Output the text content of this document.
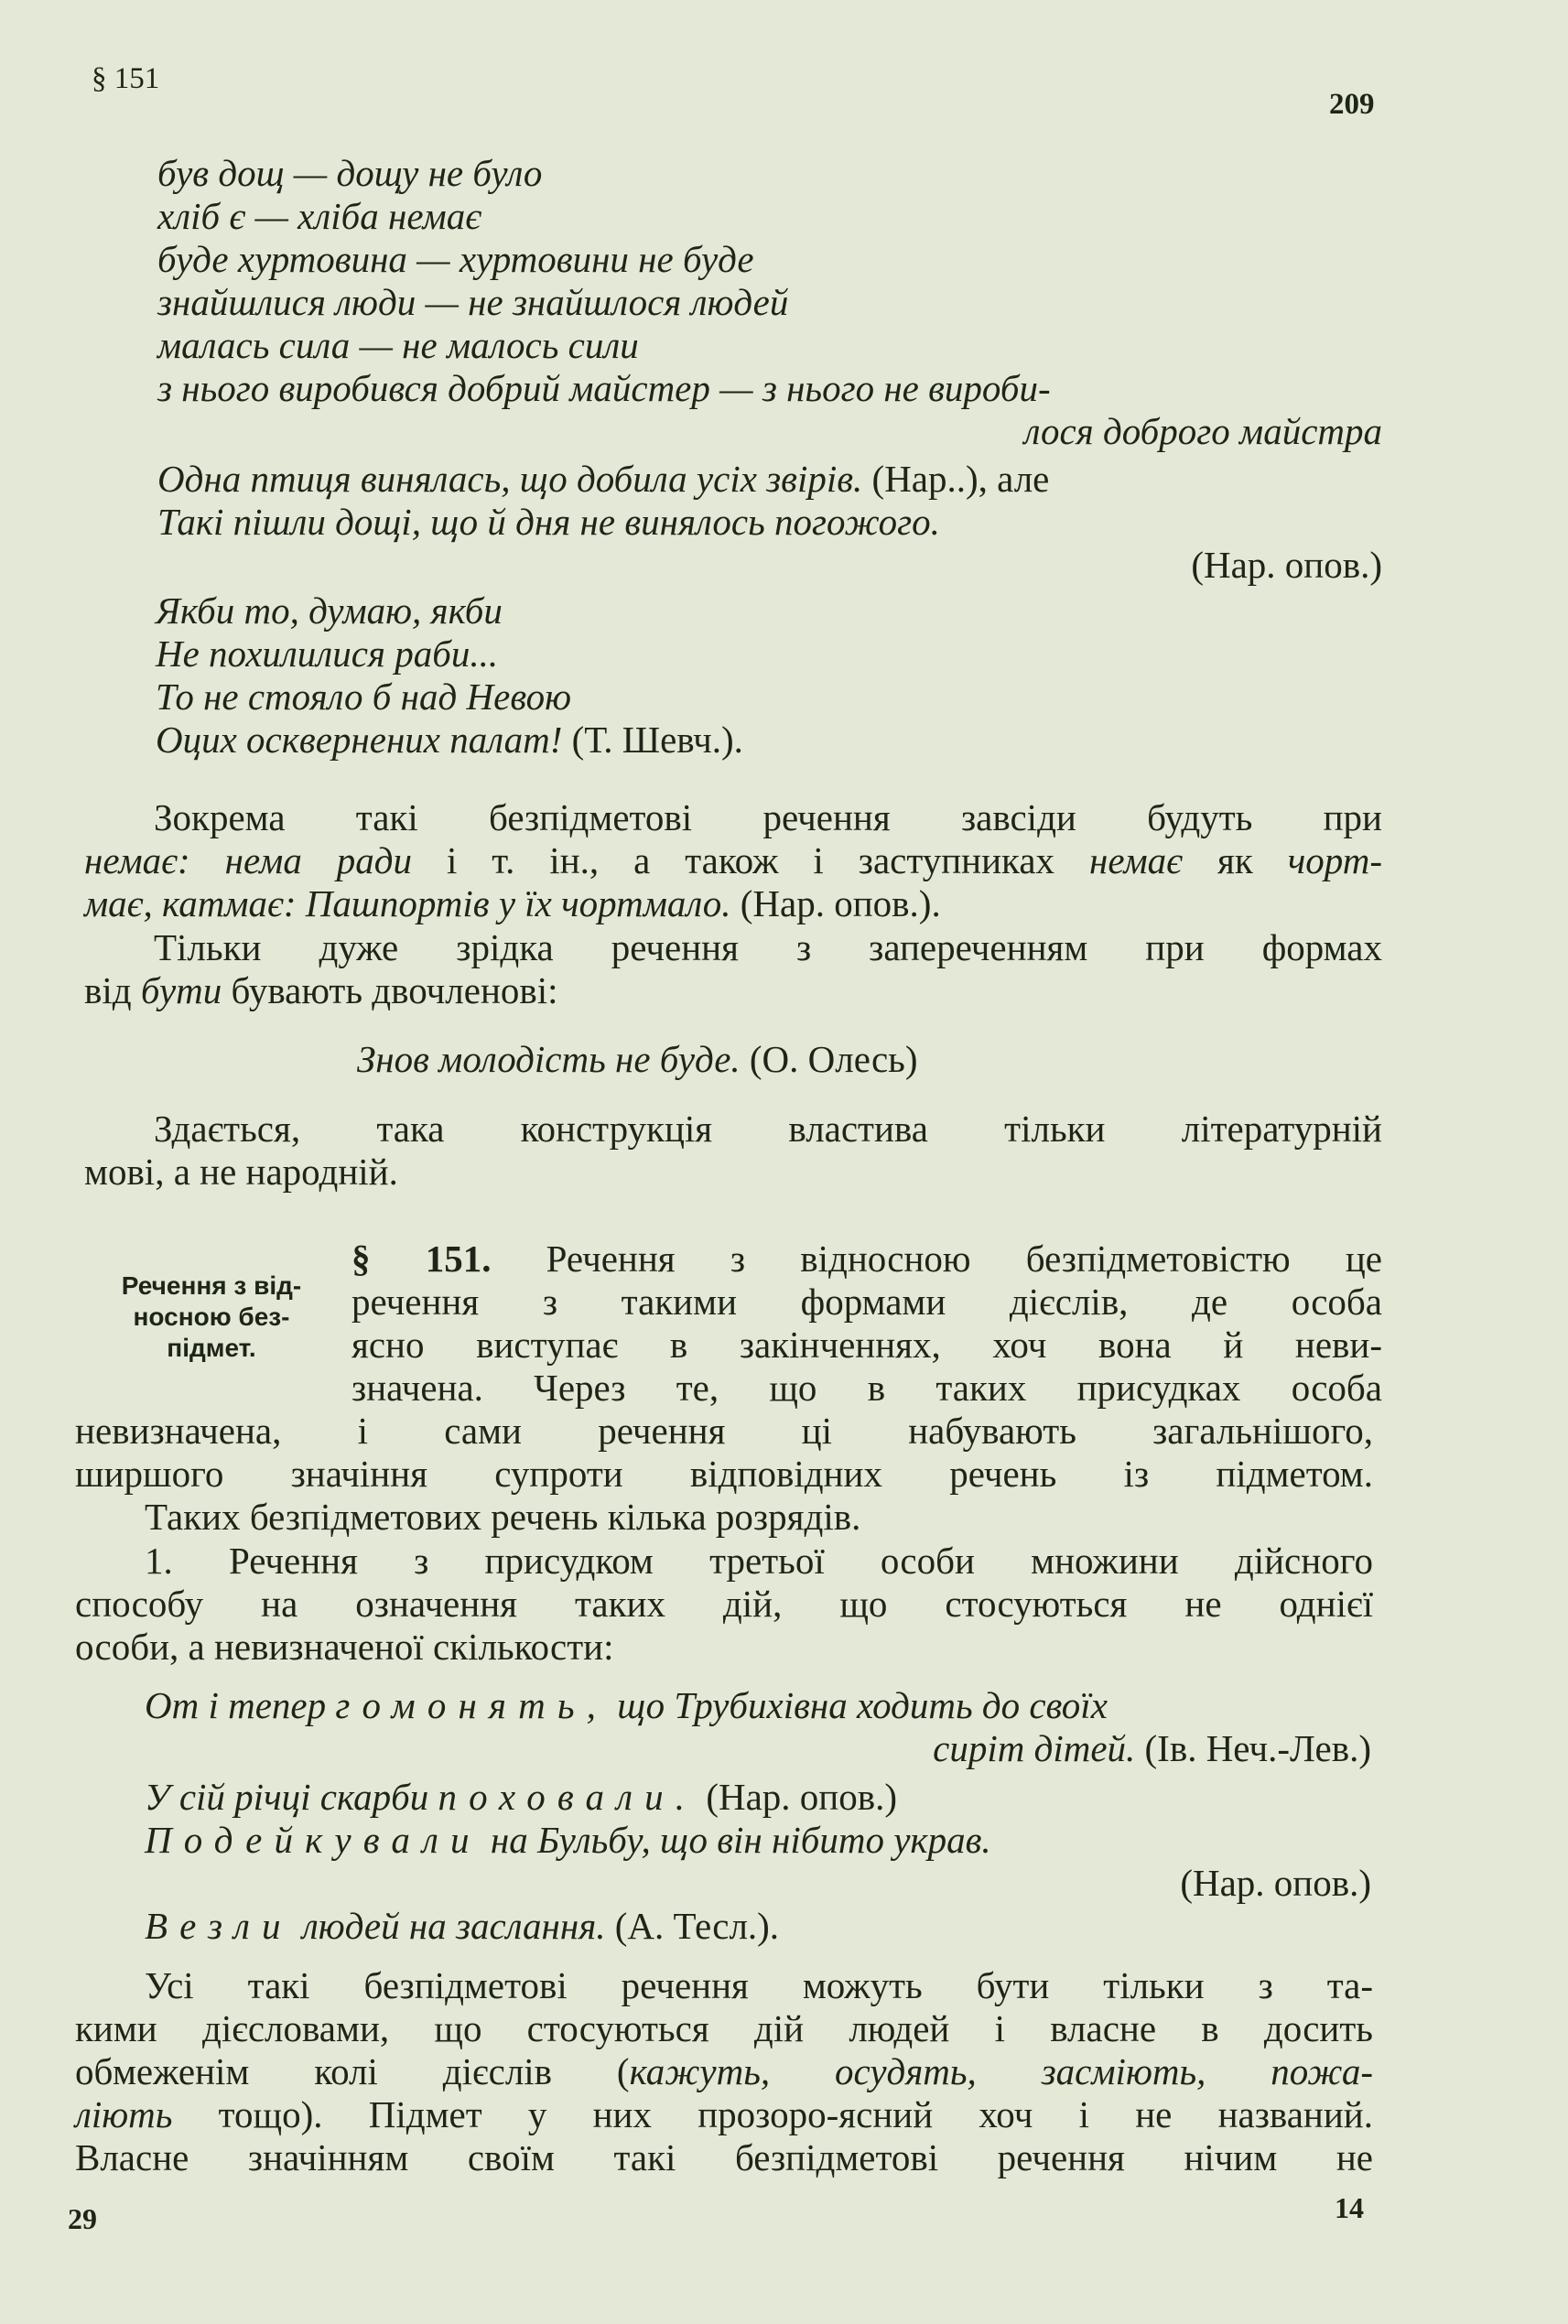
§ 151
209
був дощ — дощу не було
хліб є — хліба немає
буде хуртовина — хуртовини не буде
знайшлися люди — не знайшлося людей
малась сила — не малось сили
з нього виробився добрий майстер — з нього не вироби-
лося доброго майстра
Одна птиця винялась, що добила усіх звірів. (Нар..), але
Такі пішли дощі, що й дня не винялось погожого.
(Нар. опов.)
Якби то, думаю, якби
Не похилилися раби...
То не стояло б над Невою
Оцих осквернених палат! (Т. Шевч.).
Зокрема такі безпідметові речення завсіди будуть при
немає: нема ради і т. ін., а також і заступниках немає як чорт-
має, катмає: Пашпортів у їх чортмало. (Нар. опов.).
Тільки дуже зрідка речення з запереченням при формах
від бути бувають двочленові:
Знов молодість не буде. (О. Олесь)
Здається, така конструкція властива тільки літературній
мові, а не народній.
Речення з від-
носною без-
підмет.
§ 151. Речення з відносною безпідметовістю це
речення з такими формами дієслів, де особа
ясно виступає в закінченнях, хоч вона й неви-
значена. Через те, що в таких присудках особа
невизначена, і сами речення ці набувають загальнішого,
ширшого значіння супроти відповідних речень із підметом.
Таких безпідметових речень кілька розрядів.
1. Речення з присудком третьої особи множини дійсного
способу на означення таких дій, що стосуються не однієї
особи, а невизначеної скількости:
От і тепер гомонять, що Трубихівна ходить до своїх
сиріт дітей. (Ів. Неч.-Лев.)
У сій річці скарби поховали. (Нар. опов.)
Подейкували на Бульбу, що він нібито украв.
(Нар. опов.)
Везли людей на заслання. (А. Тесл.).
Усі такі безпідметові речення можуть бути тільки з та-
кими дієсловами, що стосуються дій людей і власне в досить
обмеженім колі дієслів (кажуть, осудять, засміють, пожа-
ліють тощо). Підмет у них прозоро-ясний хоч і не названий.
Власне значінням своїм такі безпідметові речення нічим не
29	14
